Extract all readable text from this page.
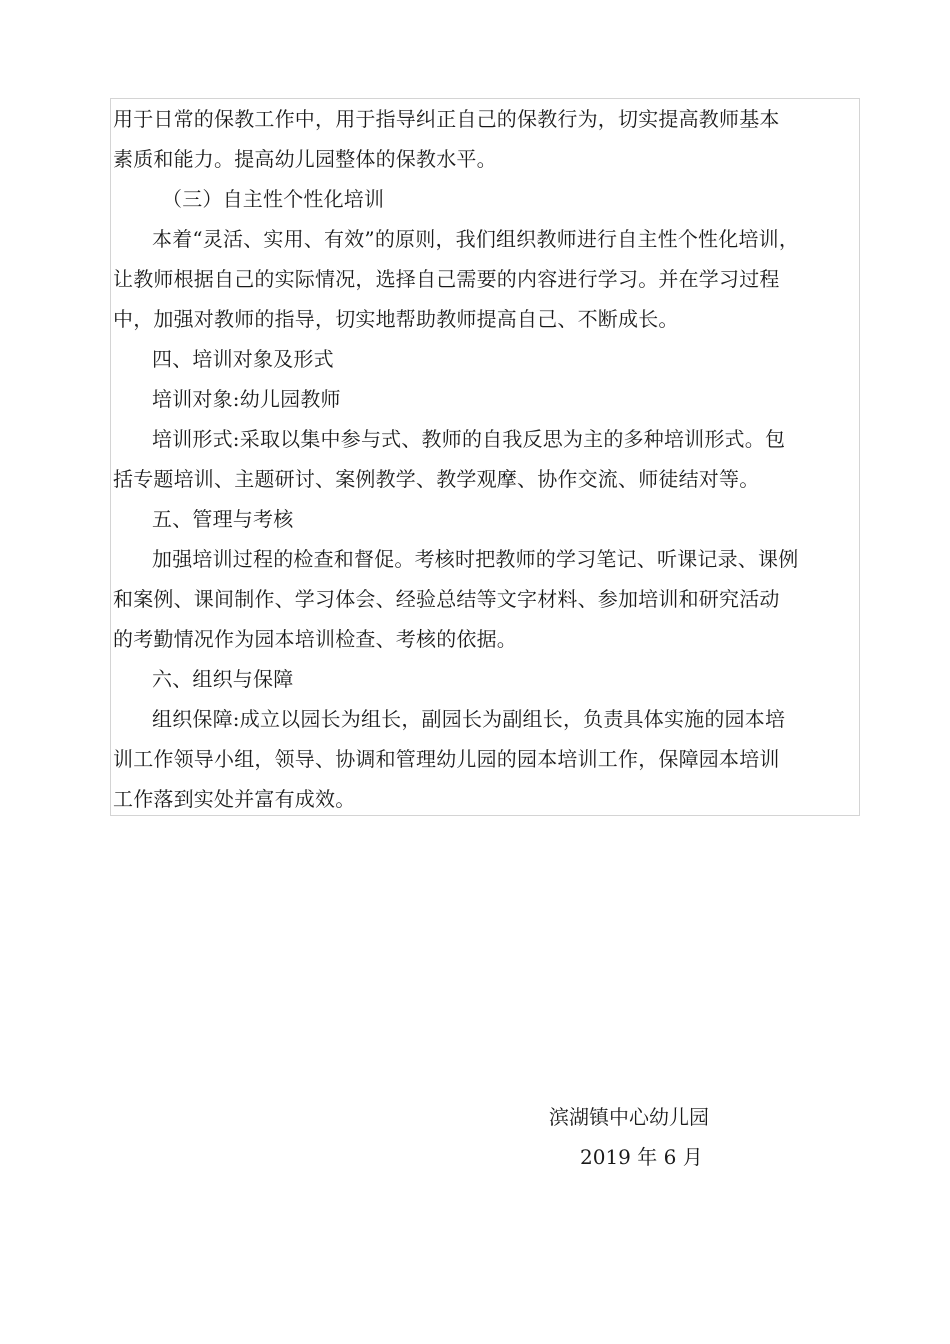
用于日常的保教工作中，用于指导纠正自己的保教行为，切实提高教师基本
素质和能力。提高幼儿园整体的保教水平。
（三）自主性个性化培训
本着“灵活、实用、有效”的原则，我们组织教师进行自主性个性化培训，
让教师根据自己的实际情况，选择自己需要的内容进行学习。并在学习过程
中，加强对教师的指导，切实地帮助教师提高自己、不断成长。
四、培训对象及形式
培训对象:幼儿园教师
培训形式:采取以集中参与式、教师的自我反思为主的多种培训形式。包
括专题培训、主题研讨、案例教学、教学观摩、协作交流、师徒结对等。
五、管理与考核
加强培训过程的检查和督促。考核时把教师的学习笔记、听课记录、课例
和案例、课间制作、学习体会、经验总结等文字材料、参加培训和研究活动
的考勤情况作为园本培训检查、考核的依据。
六、组织与保障
组织保障:成立以园长为组长，副园长为副组长，负责具体实施的园本培
训工作领导小组，领导、协调和管理幼儿园的园本培训工作，保障园本培训
工作落到实处并富有成效。
滨湖镇中心幼儿园
2019 年 6 月
